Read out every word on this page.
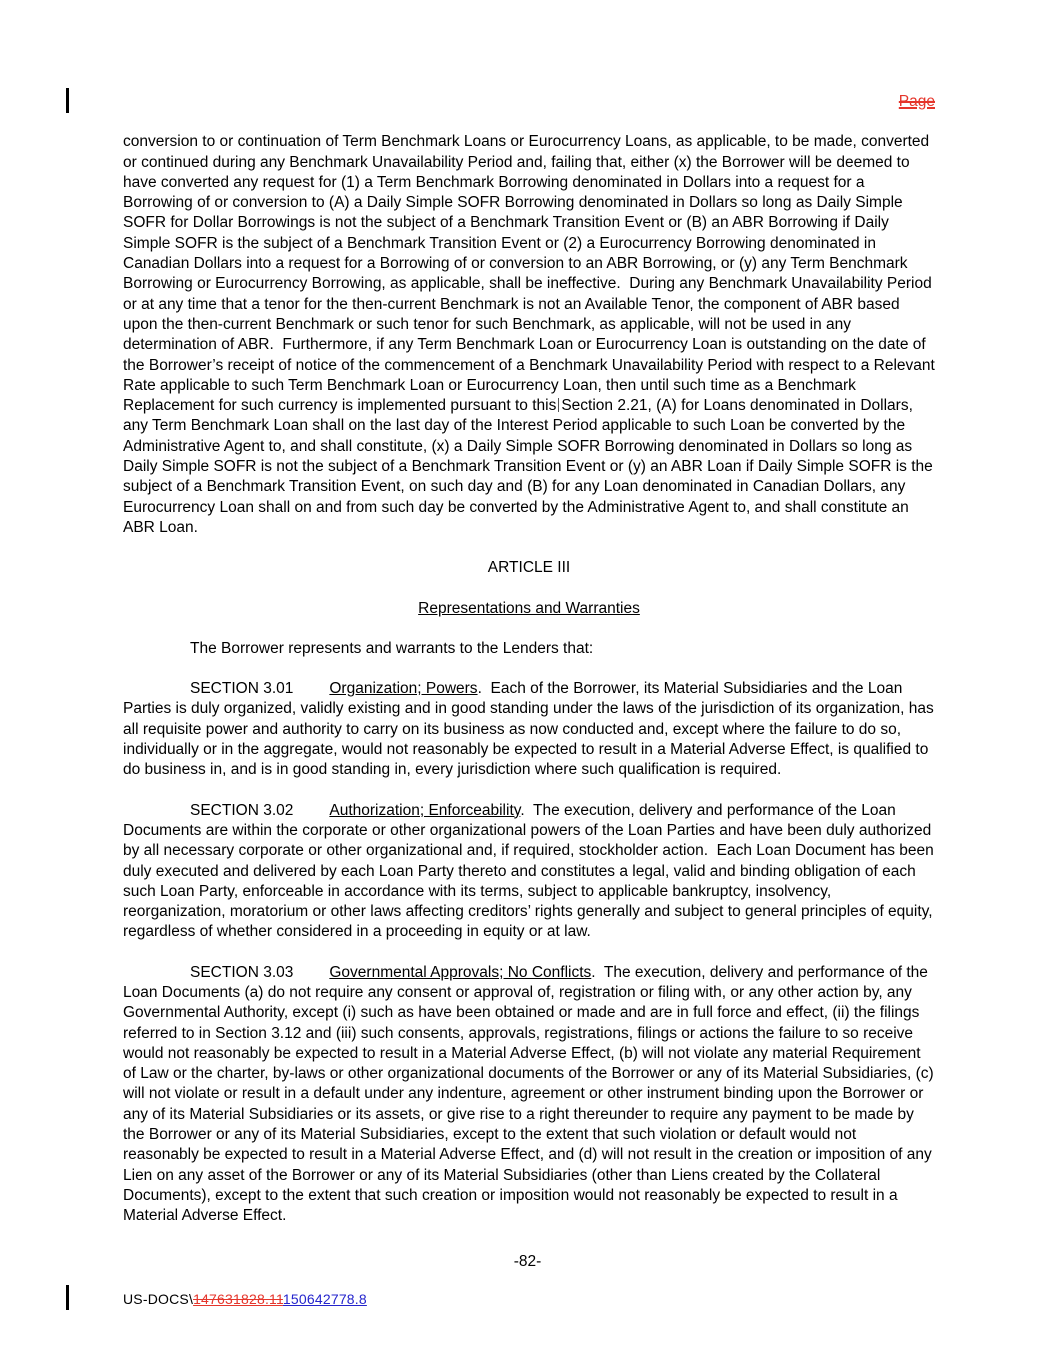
Page

conversion to or continuation of Term Benchmark Loans or Eurocurrency Loans, as applicable, to be made, converted or continued during any Benchmark Unavailability Period and, failing that, either (x) the Borrower will be deemed to have converted any request for (1) a Term Benchmark Borrowing denominated in Dollars into a request for a Borrowing of or conversion to (A) a Daily Simple SOFR Borrowing denominated in Dollars so long as Daily Simple SOFR for Dollar Borrowings is not the subject of a Benchmark Transition Event or (B) an ABR Borrowing if Daily Simple SOFR is the subject of a Benchmark Transition Event or (2) a Eurocurrency Borrowing denominated in Canadian Dollars into a request for a Borrowing of or conversion to an ABR Borrowing, or (y) any Term Benchmark Borrowing or Eurocurrency Borrowing, as applicable, shall be ineffective.  During any Benchmark Unavailability Period or at any time that a tenor for the then-current Benchmark is not an Available Tenor, the component of ABR based upon the then-current Benchmark or such tenor for such Benchmark, as applicable, will not be used in any determination of ABR.  Furthermore, if any Term Benchmark Loan or Eurocurrency Loan is outstanding on the date of the Borrower’s receipt of notice of the commencement of a Benchmark Unavailability Period with respect to a Relevant Rate applicable to such Term Benchmark Loan or Eurocurrency Loan, then until such time as a Benchmark Replacement for such currency is implemented pursuant to this Section 2.21, (A) for Loans denominated in Dollars, any Term Benchmark Loan shall on the last day of the Interest Period applicable to such Loan be converted by the Administrative Agent to, and shall constitute, (x) a Daily Simple SOFR Borrowing denominated in Dollars so long as Daily Simple SOFR is not the subject of a Benchmark Transition Event or (y) an ABR Loan if Daily Simple SOFR is the subject of a Benchmark Transition Event, on such day and (B) for any Loan denominated in Canadian Dollars, any Eurocurrency Loan shall on and from such day be converted by the Administrative Agent to, and shall constitute an ABR Loan.

ARTICLE III

Representations and Warranties

The Borrower represents and warrants to the Lenders that:

SECTION 3.01 Organization; Powers.  Each of the Borrower, its Material Subsidiaries and the Loan Parties is duly organized, validly existing and in good standing under the laws of the jurisdiction of its organization, has all requisite power and authority to carry on its business as now conducted and, except where the failure to do so, individually or in the aggregate, would not reasonably be expected to result in a Material Adverse Effect, is qualified to do business in, and is in good standing in, every jurisdiction where such qualification is required.

SECTION 3.02 Authorization; Enforceability.  The execution, delivery and performance of the Loan Documents are within the corporate or other organizational powers of the Loan Parties and have been duly authorized by all necessary corporate or other organizational and, if required, stockholder action.  Each Loan Document has been duly executed and delivered by each Loan Party thereto and constitutes a legal, valid and binding obligation of each such Loan Party, enforceable in accordance with its terms, subject to applicable bankruptcy, insolvency, reorganization, moratorium or other laws affecting creditors’ rights generally and subject to general principles of equity, regardless of whether considered in a proceeding in equity or at law.

SECTION 3.03 Governmental Approvals; No Conflicts.  The execution, delivery and performance of the Loan Documents (a) do not require any consent or approval of, registration or filing with, or any other action by, any Governmental Authority, except (i) such as have been obtained or made and are in full force and effect, (ii) the filings referred to in Section 3.12 and (iii) such consents, approvals, registrations, filings or actions the failure to so receive would not reasonably be expected to result in a Material Adverse Effect, (b) will not violate any material Requirement of Law or the charter, by-laws or other organizational documents of the Borrower or any of its Material Subsidiaries, (c) will not violate or result in a default under any indenture, agreement or other instrument binding upon the Borrower or any of its Material Subsidiaries or its assets, or give rise to a right thereunder to require any payment to be made by the Borrower or any of its Material Subsidiaries, except to the extent that such violation or default would not reasonably be expected to result in a Material Adverse Effect, and (d) will not result in the creation or imposition of any Lien on any asset of the Borrower or any of its Material Subsidiaries (other than Liens created by the Collateral Documents), except to the extent that such creation or imposition would not reasonably be expected to result in a Material Adverse Effect.

-82-
US-DOCS\147631828.11150642778.8
